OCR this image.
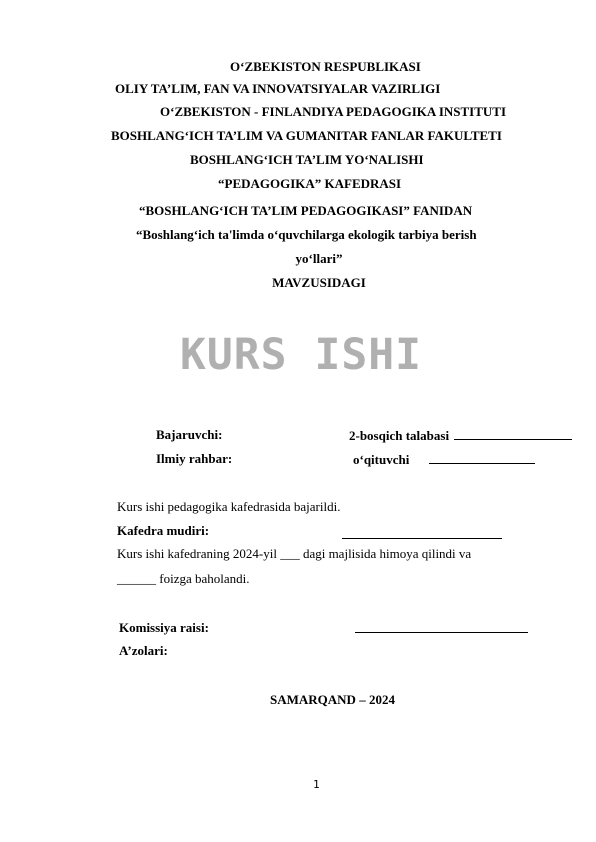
O‘ZBEKISTON RESPUBLIKASI
OLIY TA’LIM, FAN VA INNOVATSIYALAR VAZIRLIGI
O‘ZBEKISTON - FINLANDIYA PEDAGOGIKA INSTITUTI
BOSHLANG‘ICH TA’LIM VA GUMANITAR FANLAR FAKULTETI
BOSHLANG‘ICH TA’LIM YO‘NALISHI
“PEDAGOGIKA” KAFEDRASI
“BOSHLANG‘ICH TA’LIM PEDAGOGIKASI” FANIDAN
“Boshlang‘ich ta'limda o‘quvchilarga ekologik tarbiya berish
yo‘llari”
MAVZUSIDAGI
KURS ISHI
Bajaruvchi:	2-bosqich talabasi
Ilmiy rahbar:	o‘qituvchi
Kurs ishi pedagogika kafedrasida bajarildi.
Kafedra mudiri:
Kurs ishi kafedraning 2024-yil ___ dagi majlisida himoya qilindi va
______ foizga baholandi.
Komissiya raisi:
A’zolari:
SAMARQAND – 2024
1
